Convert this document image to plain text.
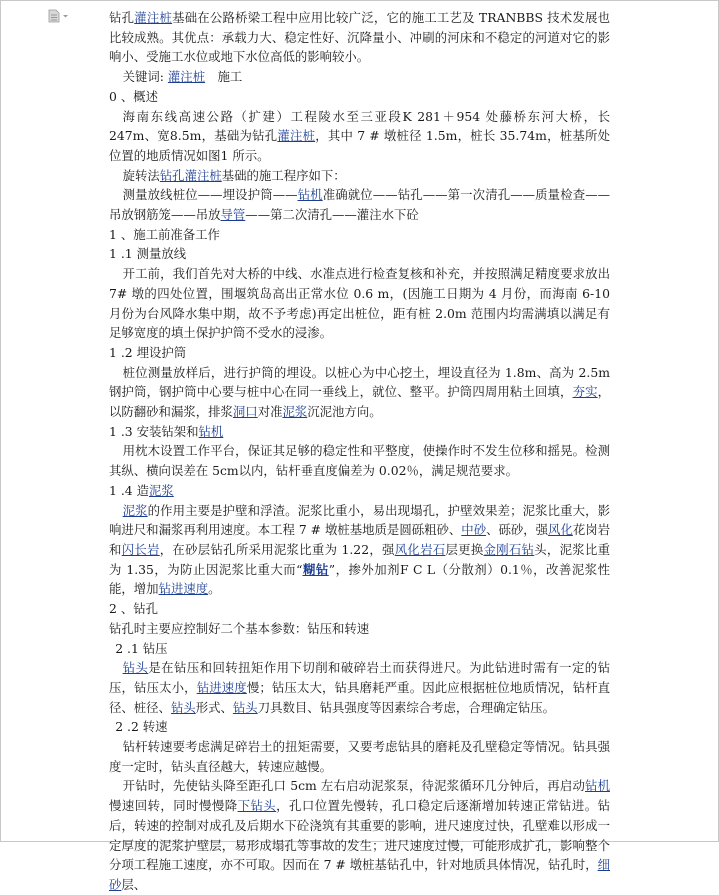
钻孔灌注桩基础在公路桥梁工程中应用比较广泛，它的施工工艺及 TRANBBS 技术发展也比较成熟。其优点：承载力大、稳定性好、沉降量小、冲刷的河床和不稳定的河道对它的影响小、受施工水位或地下水位高低的影响较小。

关键词: 灌注桩　施工

0 、概述

海南东线高速公路（扩建）工程陵水至三亚段K 281＋954 处藤桥东河大桥，长 247m、宽8.5m，基础为钻孔灌注桩，其中 7 # 墩桩径 1.5m，桩长 35.74m，桩基所处位置的地质情况如图1 所示。

旋转法钻孔灌注桩基础的施工程序如下：

测量放线桩位——埋设护筒——钻机准确就位——钻孔——第一次清孔——质量检查——吊放钢筋笼——吊放导管——第二次清孔——灌注水下砼

1 、施工前准备工作

1 .1 测量放线

开工前，我们首先对大桥的中线、水准点进行检查复核和补充，并按照满足精度要求放出 7# 墩的四处位置，围堰筑岛高出正常水位 0.6 m，(因施工日期为 4 月份，而海南 6-10 月份为台风降水集中期，故不予考虑)再定出桩位，距有桩 2.0m 范围内均需满填以满足有足够宽度的填土保护护筒不受水的浸渗。

1 .2 埋设护筒

桩位测量放样后，进行护筒的埋设。以桩心为中心挖土，埋设直径为 1.8m、高为 2.5m钢护筒，钢护筒中心要与桩中心在同一垂线上，就位、整平。护筒四周用粘土回填，夯实，以防翻砂和漏浆，排浆洞口对准泥浆沉泥池方向。

1 .3 安装钻架和钻机

用枕木设置工作平台，保证其足够的稳定性和平整度，使操作时不发生位移和摇晃。检测其纵、横向误差在 5cm以内，钻杆垂直度偏差为 0.02％，满足规范要求。

1 .4 造泥浆

泥浆的作用主要是护壁和浮渣。泥浆比重小，易出现塌孔，护壁效果差；泥浆比重大，影响进尺和漏浆再利用速度。本工程 7 # 墩桩基地质是圆砾粗砂、中砂、砾砂，强风化花岗岩和闪长岩，在砂层钻孔所采用泥浆比重为 1.22，强风化岩石层更换金刚石钻头，泥浆比重为 1.35，为防止因泥浆比重大而“糊钻”，掺外加剂F C L（分散剂）0.1％，改善泥浆性能，增加钻进速度。

2 、钻孔

钻孔时主要应控制好二个基本参数：钻压和转速

2 .1 钻压

钻头是在钻压和回转扭矩作用下切削和破碎岩土而获得进尺。为此钻进时需有一定的钻压，钻压太小，钻进速度慢；钻压太大，钻具磨耗严重。因此应根据桩位地质情况，钻杆直径、桩径、钻头形式、钻头刀具数目、钻具强度等因素综合考虑，合理确定钻压。

2 .2 转速

钻杆转速要考虑满足碎岩土的扭矩需要，又要考虑钻具的磨耗及孔壁稳定等情况。钻具强度一定时，钻头直径越大，转速应越慢。

开钻时，先使钻头降至距孔口 5cm 左右启动泥浆泵，待泥浆循环几分钟后，再启动钻机慢速回转，同时慢慢降下钻头，孔口位置先慢转，孔口稳定后逐渐增加转速正常钻进。钻后，转速的控制对成孔及后期水下砼浇筑有其重要的影响，进尺速度过快，孔壁难以形成一定厚度的泥浆护壁层，易形成塌孔等事故的发生；进尺速度过慢，可能形成扩孔，影响整个分项工程施工速度，亦不可取。因而在 7 # 墩桩基钻孔中，针对地质具体情况，钻孔时，细砂层、
